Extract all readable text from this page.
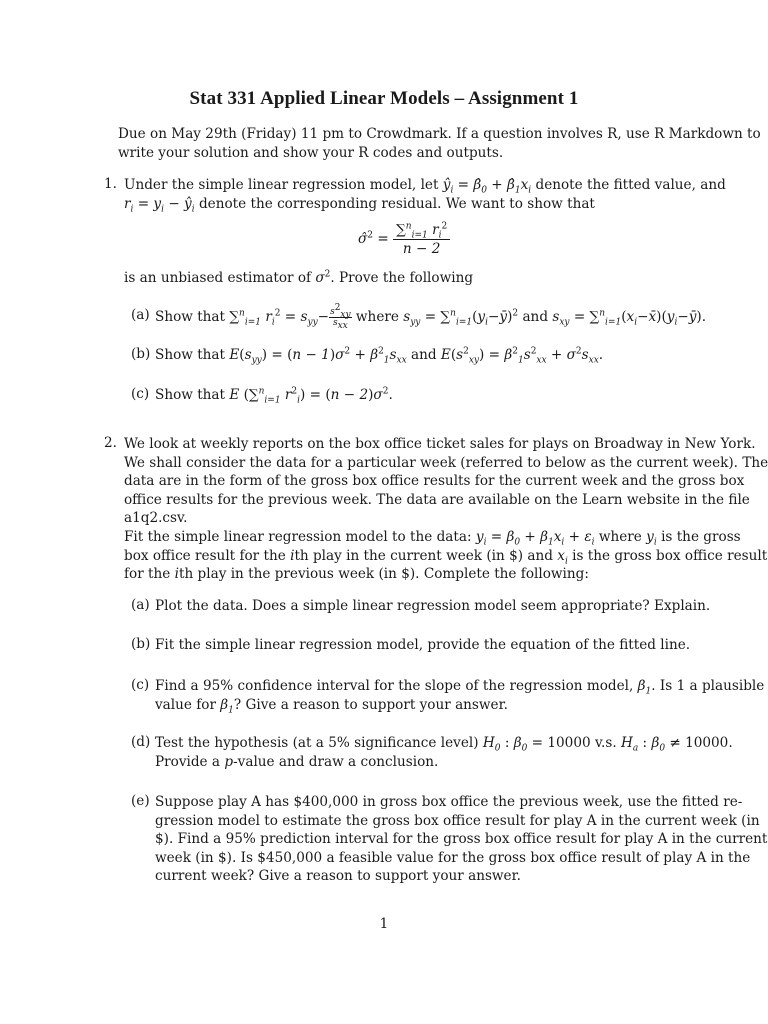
Stat 331 Applied Linear Models – Assignment 1
Due on May 29th (Friday) 11 pm to Crowdmark. If a question involves R, use R Markdown to
write your solution and show your R codes and outputs.
1. Under the simple linear regression model, let $ŷ_i$ = $\betâ_0$ + $\betâ_1x_i$ denote the fitted value, and
$r_i = y_i$ − $ŷ_i$ denote the corresponding residual. We want to show that
σ̂$^2$ = $\frac{\sum^n_{i=1} r_i^2}{n - 2}$
is an unbiased estimator of $\sigma^2$. Prove the following
(a) Show that ∑$^n_{i=1}$ $r_i^2 = s_{yy}- \frac{s^2_{xy}}{s_{xx}}$ where $s_{yy}$ = $\sum^n_{i=1}(y_i-ȳ)^2$ and $s_{xy}$ = $\sum^n_{i=1}(x_i-x̄)(y_i-ȳ)$.
(b) Show that $E(s_{yy}) = (n - 1)\sigma^2 + \beta^2_1s_{xx}$ and $E(s^2_{xy}) = \beta^2_1s^2_{xx} + \sigma^2s_{xx}$.
(c) Show that E (∑$^n_{i=1}$ $r^2_i) = (n - 2)\sigma^2$.
2. We look at weekly reports on the box office ticket sales for plays on Broadway in New York.
We shall consider the data for a particular week (referred to below as the current week). The
data are in the form of the gross box office results for the current week and the gross box
office results for the previous week. The data are available on the Learn website in the file
a1q2.csv.
Fit the simple linear regression model to the data: $y_i = \beta_0 + \beta_1x_i + \varepsilon_i$ where $y_i$ is the gross
box office result for the ith play in the current week (in $) and $x_i$ is the gross box office result
for the ith play in the previous week (in $). Complete the following:
(a) Plot the data. Does a simple linear regression model seem appropriate? Explain.
(b) Fit the simple linear regression model, provide the equation of the fitted line.
(c) Find a 95% confidence interval for the slope of the regression model, $\beta_1$. Is 1 a plausible
value for $\beta_1$? Give a reason to support your answer.
(d) Test the hypothesis (at a 5% significance level) $H_0$ : $\beta_0 = 10000$ v.s. $H_a$ : $\beta_0 \ne 10000$.
Provide a p-value and draw a conclusion.
(e) Suppose play A has $400,000 in gross box office the previous week, use the fitted re-
gression model to estimate the gross box office result for play A in the current week (in
$). Find a 95% prediction interval for the gross box office result for play A in the current
week (in $). Is $450,000 a feasible value for the gross box office result of play A in the
current week? Give a reason to support your answer.
1
